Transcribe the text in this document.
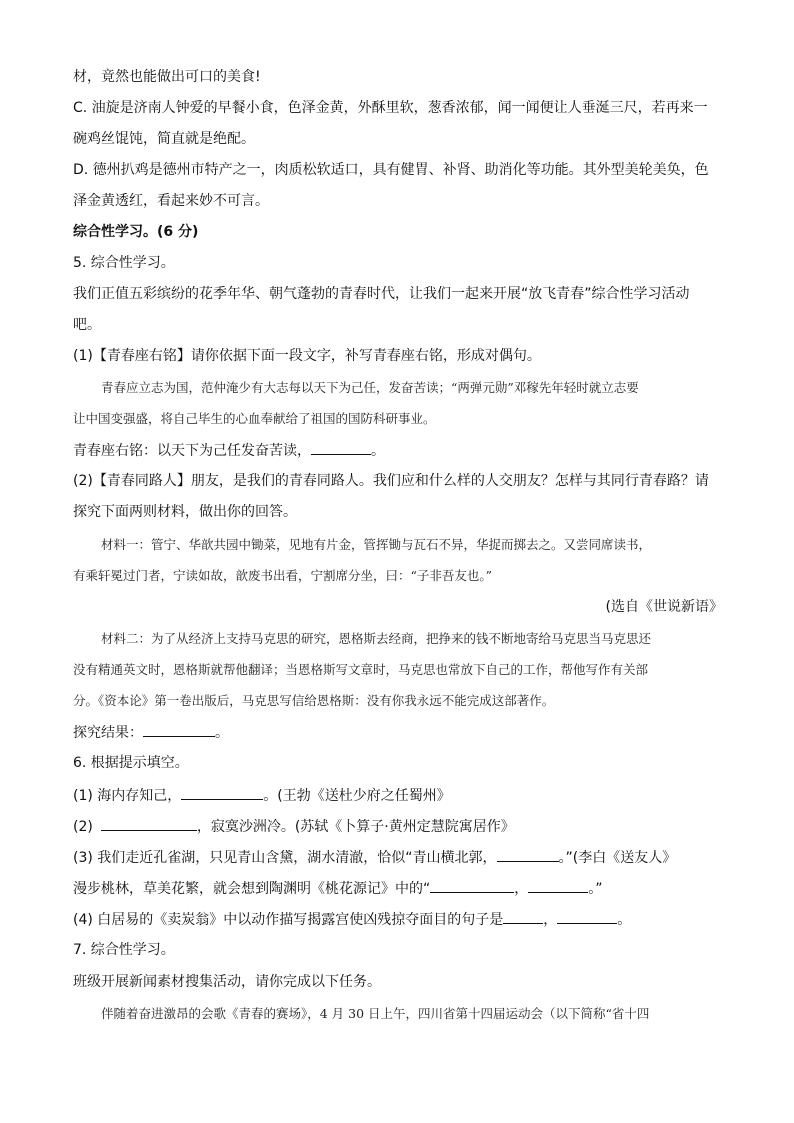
材，竟然也能做出可口的美食!
C. 油旋是济南人钟爱的早餐小食，色泽金黄，外酥里软，葱香浓郁，闻一闻便让人垂涎三尺，若再来一
碗鸡丝馄饨，简直就是绝配。
D. 德州扒鸡是德州市特产之一，肉质松软适口，具有健胃、补肾、助消化等功能。其外型美轮美奂，色
泽金黄透红，看起来妙不可言。
综合性学习。(6 分)
5. 综合性学习。
我们正值五彩缤纷的花季年华、朝气蓬勃的青春时代，让我们一起来开展“放飞青春”综合性学习活动
吧。
(1)【青春座右铭】请你依据下面一段文字，补写青春座右铭，形成对偶句。
青春应立志为国，范仲淹少有大志每以天下为己任，发奋苦读；“两弹元勋”邓稼先年轻时就立志要
让中国变强盛，将自己毕生的心血奉献给了祖国的国防科研事业。
青春座右铭：以天下为己任发奋苦读，	。
(2)【青春同路人】朋友，是我们的青春同路人。我们应和什么样的人交朋友？怎样与其同行青春路？请
探究下面两则材料，做出你的回答。
材料一：管宁、华歆共园中锄菜，见地有片金，管挥锄与瓦石不异，华捉而掷去之。又尝同席读书，
有乘轩冕过门者，宁读如故，歆废书出看，宁割席分坐，曰：“子非吾友也。”
(选自《世说新语》
材料二：为了从经济上支持马克思的研究，恩格斯去经商，把挣来的钱不断地寄给马克思当马克思还
没有精通英文时，恩格斯就帮他翻译；当恩格斯写文章时，马克思也常放下自己的工作，帮他写作有关部
分。《资本论》第一卷出版后，马克思写信给恩格斯：没有你我永远不能完成这部著作。
探究结果：	。
6. 根据提示填空。
(1) 海内存知己，	。(王勃《送杜少府之任蜀州》
(2)	，寂寞沙洲冷。(苏轼《卜算子·黄州定慧院寓居作》
(3) 我们走近孔雀湖，只见青山含黛，湖水清澈，恰似“青山横北郭，	。”(李白《送友人》
漫步桃林，草美花繁，就会想到陶渊明《桃花源记》中的“	，	。”
(4) 白居易的《卖炭翁》中以动作描写揭露宫使凶残掠夺面目的句子是	，	。
7. 综合性学习。
班级开展新闻素材搜集活动，请你完成以下任务。
伴随着奋进激昂的会歌《青春的赛场》，4 月 30 日上午，四川省第十四届运动会（以下简称“省十四
